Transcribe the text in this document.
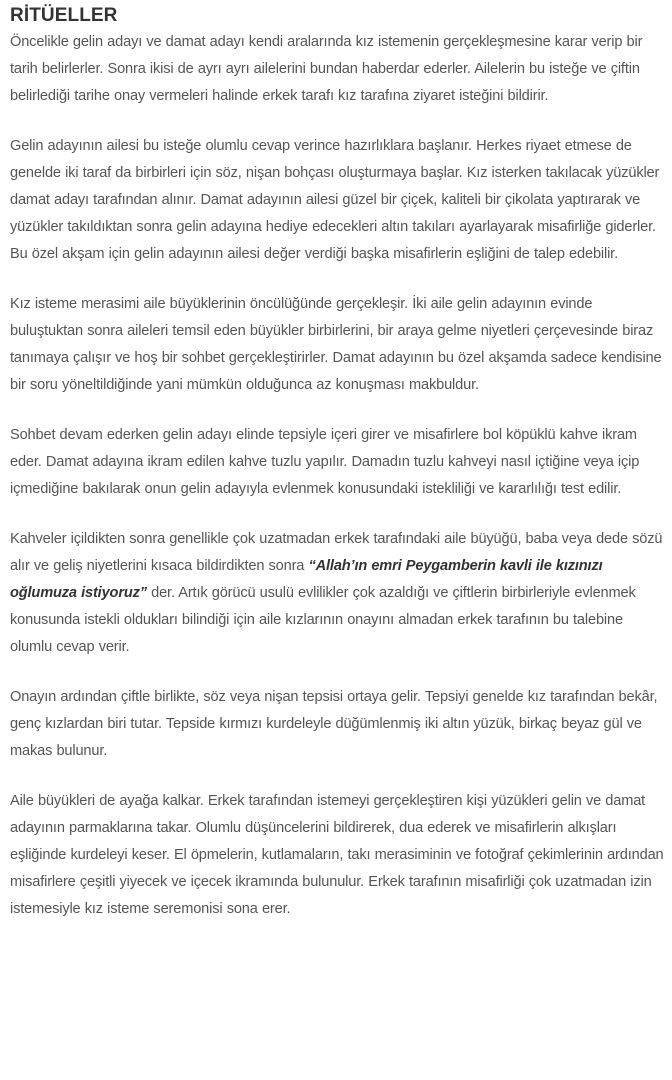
RİTÜELLER

Öncelikle gelin adayı ve damat adayı kendi aralarında kız istemenin gerçekleşmesine karar verip bir tarih belirlerler. Sonra ikisi de ayrı ayrı ailelerini bundan haberdar ederler. Ailelerin bu isteğe ve çiftin belirlediği tarihe onay vermeleri halinde erkek tarafı kız tarafına ziyaret isteğini bildirir.

Gelin adayının ailesi bu isteğe olumlu cevap verince hazırlıklara başlanır. Herkes riyaet etmese de genelde iki taraf da birbirleri için söz, nişan bohçası oluşturmaya başlar. Kız isterken takılacak yüzükler damat adayı tarafından alınır. Damat adayının ailesi güzel bir çiçek, kaliteli bir çikolata yaptırarak ve yüzükler takıldıktan sonra gelin adayına hediye edecekleri altın takıları ayarlayarak misafirliğe giderler. Bu özel akşam için gelin adayının ailesi değer verdiği başka misafirlerin eşliğini de talep edebilir.

Kız isteme merasimi aile büyüklerinin öncülüğünde gerçekleşir. İki aile gelin adayının evinde buluştuktan sonra aileleri temsil eden büyükler birbirlerini, bir araya gelme niyetleri çerçevesinde biraz tanımaya çalışır ve hoş bir sohbet gerçekleştirirler. Damat adayının bu özel akşamda sadece kendisine bir soru yöneltildiğinde yani mümkün olduğunca az konuşması makbuldur.

Sohbet devam ederken gelin adayı elinde tepsiyle içeri girer ve misafirlere bol köpüklü kahve ikram eder. Damat adayına ikram edilen kahve tuzlu yapılır. Damadın tuzlu kahveyi nasıl içtiğine veya içip içmediğine bakılarak onun gelin adayıyla evlenmek konusundaki istekliliği ve kararlılığı test edilir.

Kahveler içildikten sonra genellikle çok uzatmadan erkek tarafındaki aile büyüğü, baba veya dede sözü alır ve geliş niyetlerini kısaca bildirdikten sonra “Allah’ın emri Peygamberin kavli ile kızınızı oğlumuza istiyoruz” der. Artık görücü usulü evlilikler çok azaldığı ve çiftlerin birbirleriyle evlenmek konusunda istekli oldukları bilindiği için aile kızlarının onayını almadan erkek tarafının bu talebine olumlu cevap verir.

Onayın ardından çiftle birlikte, söz veya nişan tepsisi ortaya gelir. Tepsiyi genelde kız tarafından bekâr, genç kızlardan biri tutar. Tepside kırmızı kurdeleyle düğümlenmiş iki altın yüzük, birkaç beyaz gül ve makas bulunur.

Aile büyükleri de ayağa kalkar. Erkek tarafından istemeyi gerçekleştiren kişi yüzükleri gelin ve damat adayının parmaklarına takar. Olumlu düşüncelerini bildirerek, dua ederek ve misafirlerin alkışları eşliğinde kurdeleyi keser. El öpmelerin, kutlamaların, takı merasiminin ve fotoğraf çekimlerinin ardından misafirlere çeşitli yiyecek ve içecek ikramında bulunulur. Erkek tarafının misafirliği çok uzatmadan izin istemesiyle kız isteme seremonisi sona erer.
